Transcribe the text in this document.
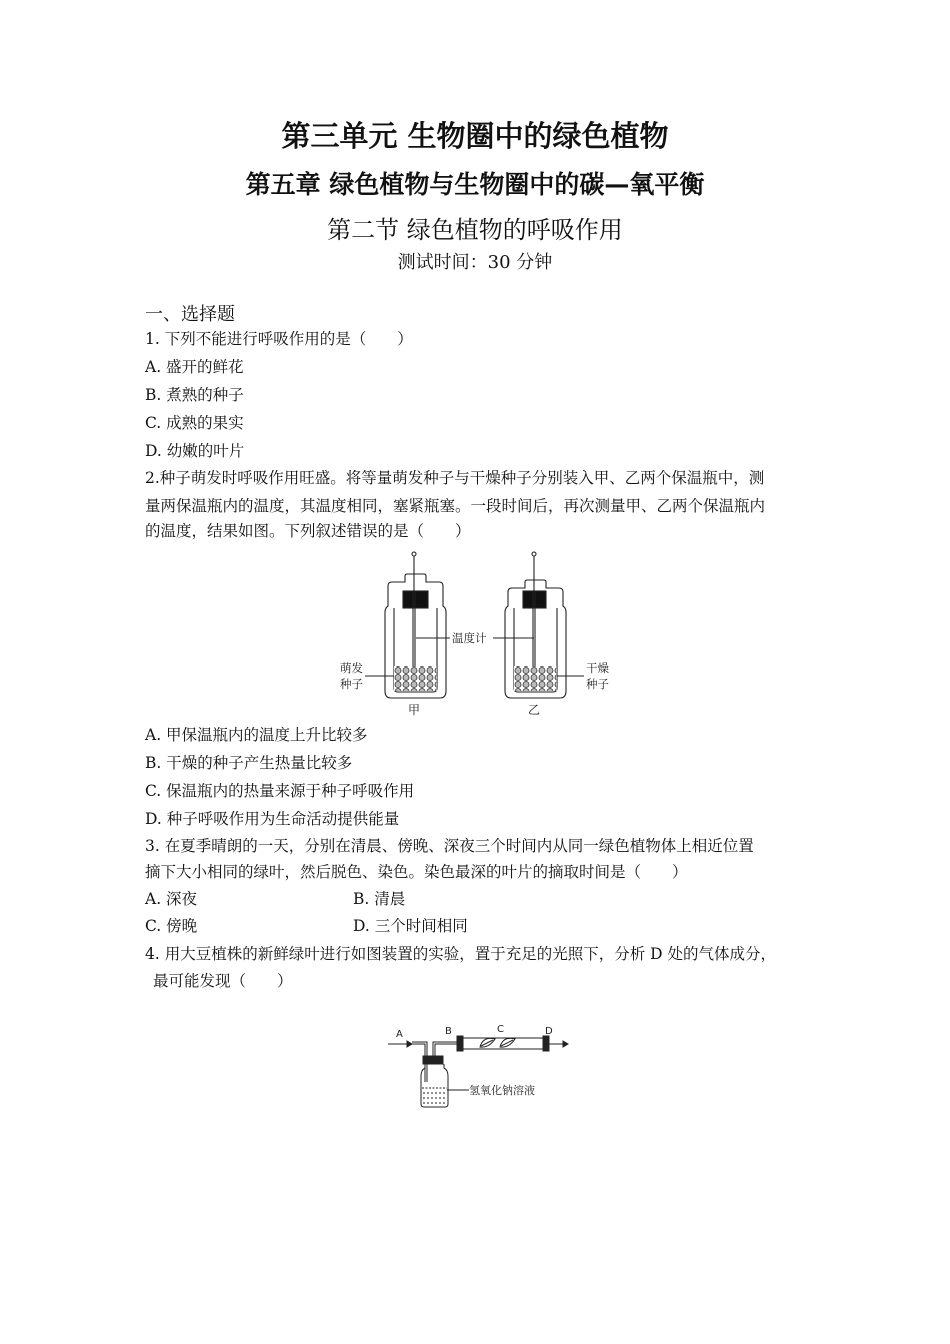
第三单元 生物圈中的绿色植物
第五章 绿色植物与生物圈中的碳—氧平衡
第二节 绿色植物的呼吸作用
测试时间：30 分钟
一、选择题
1. 下列不能进行呼吸作用的是（　　）
A. 盛开的鲜花
B. 煮熟的种子
C. 成熟的果实
D. 幼嫩的叶片
2.种子萌发时呼吸作用旺盛。将等量萌发种子与干燥种子分别装入甲、乙两个保温瓶中，测
量两保温瓶内的温度，其温度相同，塞紧瓶塞。一段时间后，再次测量甲、乙两个保温瓶内
的温度，结果如图。下列叙述错误的是（　　）
温度计
萌发
种子
干燥
种子
甲	乙
A. 甲保温瓶内的温度上升比较多
B. 干燥的种子产生热量比较多
C. 保温瓶内的热量来源于种子呼吸作用
D. 种子呼吸作用为生命活动提供能量
3. 在夏季晴朗的一天，分别在清晨、傍晚、深夜三个时间内从同一绿色植物体上相近位置
摘下大小相同的绿叶，然后脱色、染色。染色最深的叶片的摘取时间是（　　）
A. 深夜	B. 清晨
C. 傍晚	D. 三个时间相同
4. 用大豆植株的新鲜绿叶进行如图装置的实验，置于充足的光照下，分析 D 处的气体成分，
最可能发现（　　）
A	B	C	D
氢氧化钠溶液
